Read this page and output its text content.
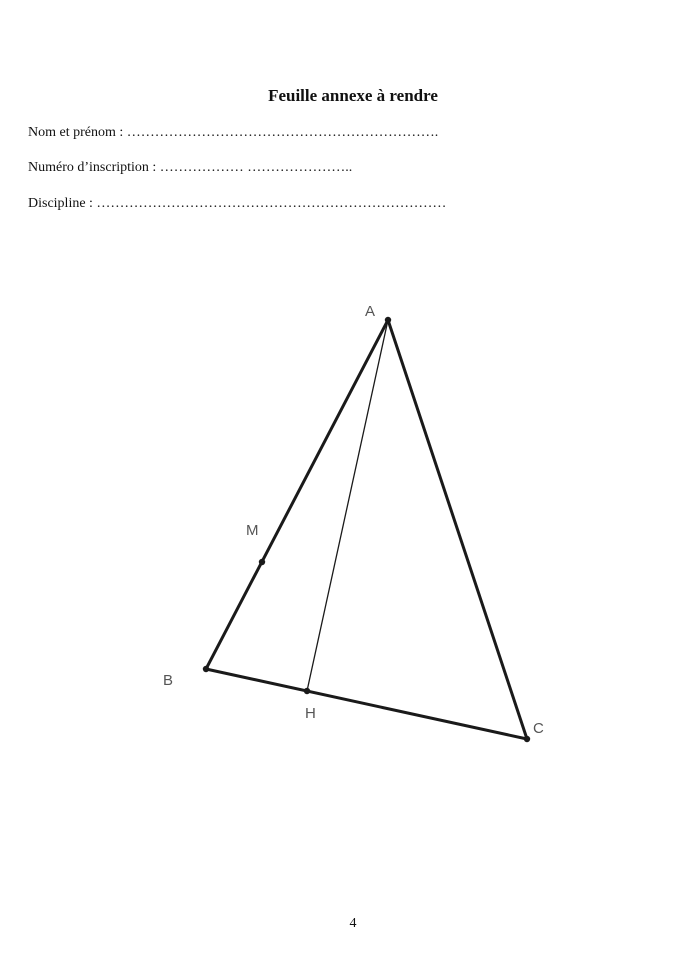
Feuille annexe à rendre
Nom et prénom : ………………………………………………………….
Numéro d’inscription : ……………… …………………..
Discipline : …………………………………………………………………
A
B
C
M
H
4
